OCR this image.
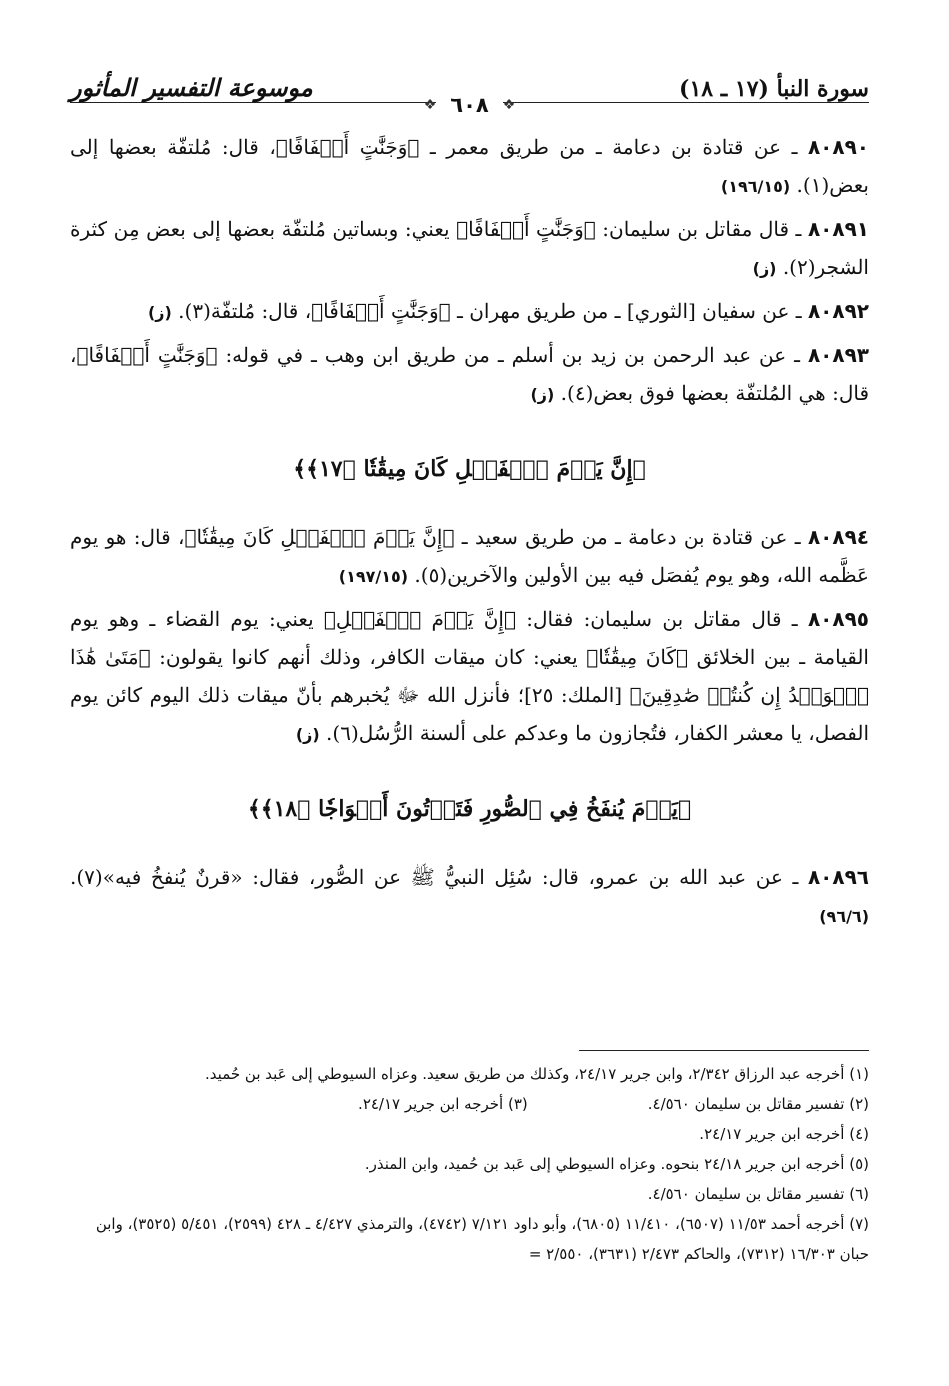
سورة النبأ (١٧ ـ ١٨)
موسوعة التفسير المأثور
❖
٦٠٨
❖

٨٠٨٩٠ ـ عن قتادة بن دعامة ـ من طريق معمر ـ ﴿وَجَنَّٰتٍ أَلۡفَافًا﴾، قال: مُلتفّة بعضها إلى بعض(١). (١٩٦/١٥)

٨٠٨٩١ ـ قال مقاتل بن سليمان: ﴿وَجَنَّٰتٍ أَلۡفَافًا﴾ يعني: وبساتين مُلتفّة بعضها إلى بعض مِن كثرة الشجر(٢). (ز)

٨٠٨٩٢ ـ عن سفيان [الثوري] ـ من طريق مهران ـ ﴿وَجَنَّٰتٍ أَلۡفَافًا﴾، قال: مُلتفّة(٣). (ز)

٨٠٨٩٣ ـ عن عبد الرحمن بن زيد بن أسلم ـ من طريق ابن وهب ـ في قوله: ﴿وَجَنَّٰتٍ أَلۡفَافًا﴾، قال: هي المُلتفّة بعضها فوق بعض(٤). (ز)

﴿إِنَّ يَوۡمَ ٱلۡفَصۡلِ كَانَ مِيقَٰتٗا ﴿١٧﴾﴾

٨٠٨٩٤ ـ عن قتادة بن دعامة ـ من طريق سعيد ـ ﴿إِنَّ يَوۡمَ ٱلۡفَصۡلِ كَانَ مِيقَٰتٗا﴾، قال: هو يوم عَظَّمه الله، وهو يوم يُفصَل فيه بين الأولين والآخرين(٥). (١٩٧/١٥)

٨٠٨٩٥ ـ قال مقاتل بن سليمان: فقال: ﴿إِنَّ يَوۡمَ ٱلۡفَصۡلِ﴾ يعني: يوم القضاء ـ وهو يوم القيامة ـ بين الخلائق ﴿كَانَ مِيقَٰتٗا﴾ يعني: كان ميقات الكافر، وذلك أنهم كانوا يقولون: ﴿مَتَىٰ هَٰذَا ٱلۡوَعۡدُ إِن كُنتُمۡ صَٰدِقِينَ﴾ [الملك: ٢٥]؛ فأنزل الله ﷻ يُخبرهم بأنّ ميقات ذلك اليوم كائن يوم الفصل، يا معشر الكفار، فتُجازون ما وعدكم على ألسنة الرُّسُل(٦). (ز)

﴿يَوۡمَ يُنفَخُ فِي ٱلصُّورِ فَتَأۡتُونَ أَفۡوَاجٗا ﴿١٨﴾﴾

٨٠٨٩٦ ـ عن عبد الله بن عمرو، قال: سُئِل النبيُّ ﷺ عن الصُّور، فقال: «قرنٌ يُنفخُ فيه»(٧). (٩٦/٦)

(١) أخرجه عبد الرزاق ٢/٣٤٢، وابن جرير ٢٤/١٧، وكذلك من طريق سعيد. وعزاه السيوطي إلى عَبد بن حُميد.

(٢) تفسير مقاتل بن سليمان ٤/٥٦٠.
(٣) أخرجه ابن جرير ٢٤/١٧.

(٤) أخرجه ابن جرير ٢٤/١٧.

(٥) أخرجه ابن جرير ٢٤/١٨ بنحوه. وعزاه السيوطي إلى عَبد بن حُميد، وابن المنذر.

(٦) تفسير مقاتل بن سليمان ٤/٥٦٠.

(٧) أخرجه أحمد ١١/٥٣ (٦٥٠٧)، ١١/٤١٠ (٦٨٠٥)، وأبو داود ٧/١٢١ (٤٧٤٢)، والترمذي ٤/٤٢٧ ـ ٤٢٨ (٢٥٩٩)، ٥/٤٥١ (٣٥٢٥)، وابن حبان ١٦/٣٠٣ (٧٣١٢)، والحاكم ٢/٤٧٣ (٣٦٣١)، ٢/٥٥٠ =
